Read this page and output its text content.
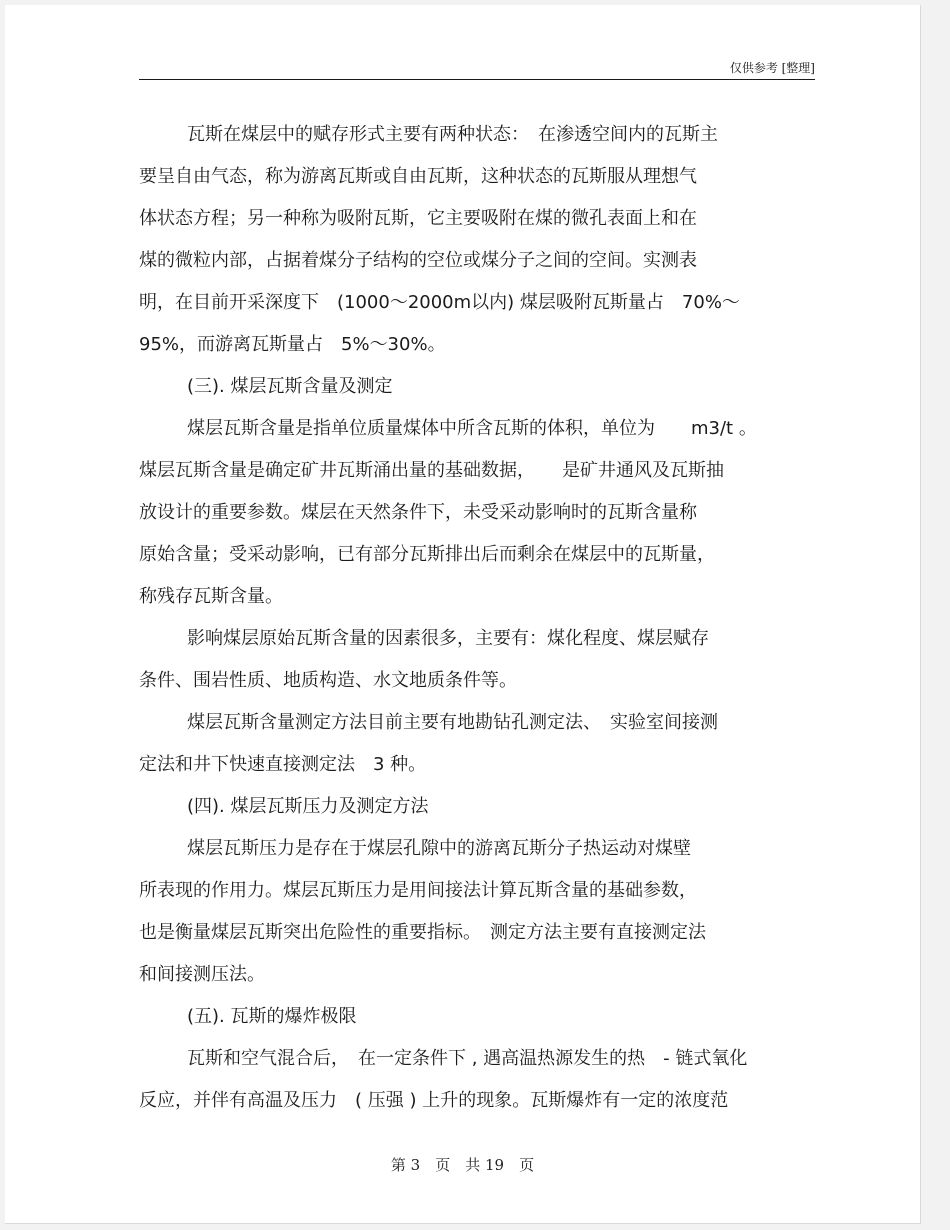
仅供参考 [整理]
瓦斯在煤层中的赋存形式主要有两种状态：　在渗透空间内的瓦斯主
要呈自由气态，称为游离瓦斯或自由瓦斯，这种状态的瓦斯服从理想气
体状态方程；另一种称为吸附瓦斯，它主要吸附在煤的微孔表面上和在
煤的微粒内部，占据着煤分子结构的空位或煤分子之间的空间。实测表
明，在目前开采深度下　(1000～2000m以内) 煤层吸附瓦斯量占　70%～
95%，而游离瓦斯量占　5%～30%。
(三). 煤层瓦斯含量及测定
煤层瓦斯含量是指单位质量煤体中所含瓦斯的体积，单位为　　m3/t 。
煤层瓦斯含量是确定矿井瓦斯涌出量的基础数据，　　是矿井通风及瓦斯抽
放设计的重要参数。煤层在天然条件下，未受采动影响时的瓦斯含量称
原始含量；受采动影响，已有部分瓦斯排出后而剩余在煤层中的瓦斯量，
称残存瓦斯含量。
影响煤层原始瓦斯含量的因素很多，主要有：煤化程度、煤层赋存
条件、围岩性质、地质构造、水文地质条件等。
煤层瓦斯含量测定方法目前主要有地勘钻孔测定法、　实验室间接测
定法和井下快速直接测定法　3 种。
(四). 煤层瓦斯压力及测定方法
煤层瓦斯压力是存在于煤层孔隙中的游离瓦斯分子热运动对煤壁
所表现的作用力。煤层瓦斯压力是用间接法计算瓦斯含量的基础参数，
也是衡量煤层瓦斯突出危险性的重要指标。　测定方法主要有直接测定法
和间接测压法。
(五). 瓦斯的爆炸极限
瓦斯和空气混合后，　在一定条件下 , 遇高温热源发生的热　- 链式氧化
反应，并伴有高温及压力　( 压强 ) 上升的现象。瓦斯爆炸有一定的浓度范
第 3　页　共 19　页
